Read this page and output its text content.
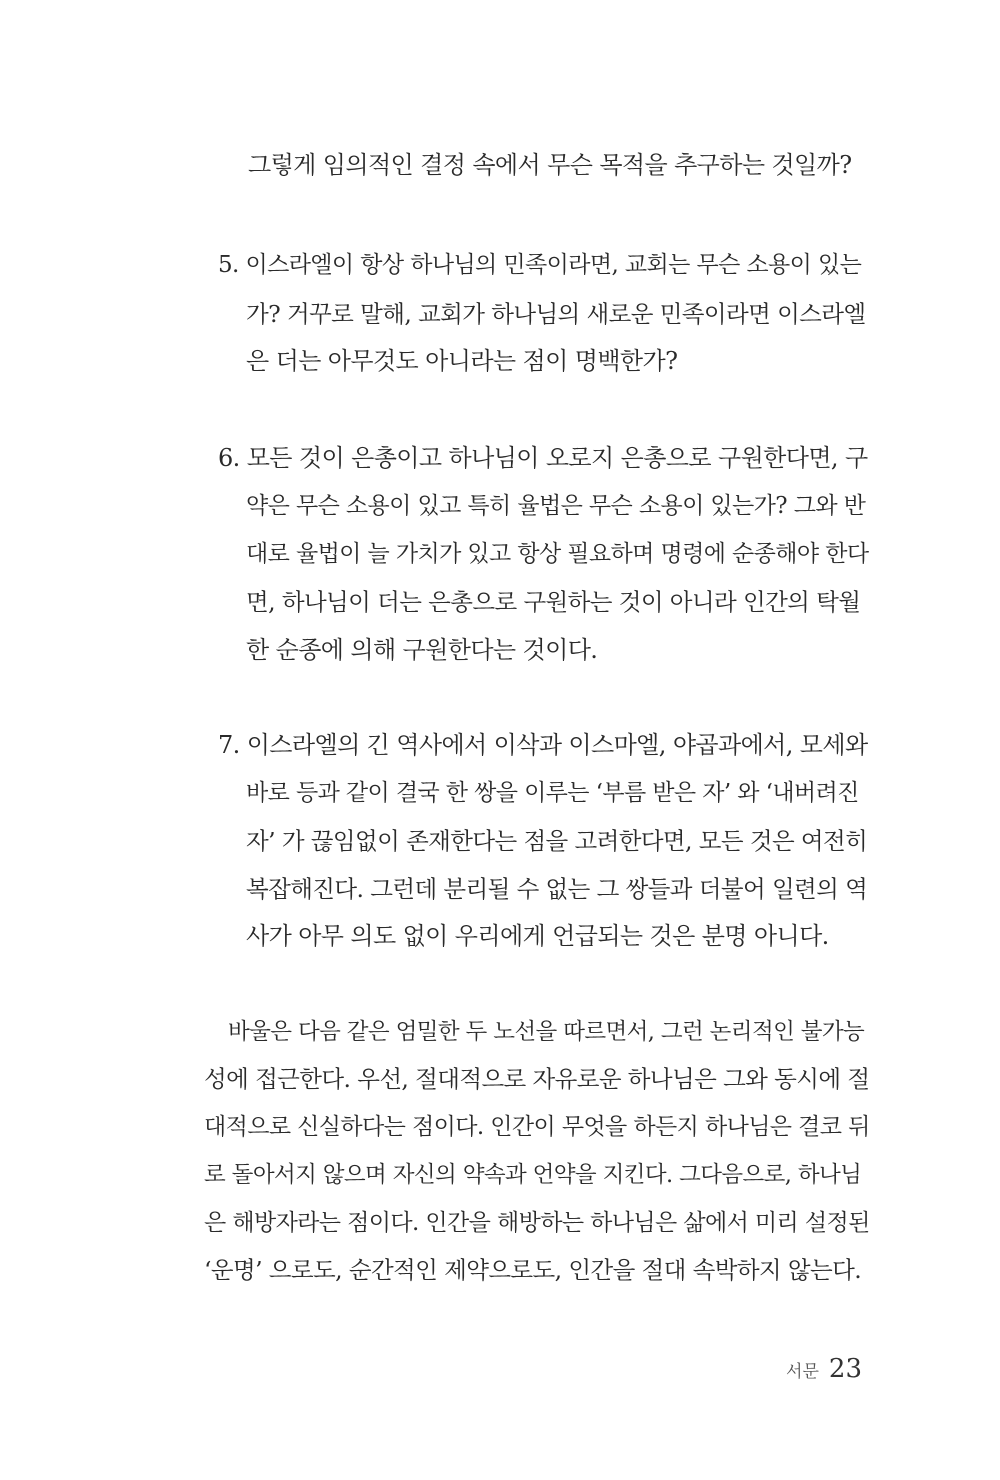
그렇게 임의적인 결정 속에서 무슨 목적을 추구하는 것일까?
5. 이스라엘이 항상 하나님의 민족이라면, 교회는 무슨 소용이 있는
가? 거꾸로 말해, 교회가 하나님의 새로운 민족이라면 이스라엘
은 더는 아무것도 아니라는 점이 명백한가?
6. 모든 것이 은총이고 하나님이 오로지 은총으로 구원한다면, 구
약은 무슨 소용이 있고 특히 율법은 무슨 소용이 있는가? 그와 반
대로 율법이 늘 가치가 있고 항상 필요하며 명령에 순종해야 한다
면, 하나님이 더는 은총으로 구원하는 것이 아니라 인간의 탁월
한 순종에 의해 구원한다는 것이다.
7. 이스라엘의 긴 역사에서 이삭과 이스마엘, 야곱과에서, 모세와
바로 등과 같이 결국 한 쌍을 이루는 ‘부름 받은 자’ 와 ‘내버려진
자’ 가 끊임없이 존재한다는 점을 고려한다면, 모든 것은 여전히
복잡해진다. 그런데 분리될 수 없는 그 쌍들과 더불어 일련의 역
사가 아무 의도 없이 우리에게 언급되는 것은 분명 아니다.
바울은 다음 같은 엄밀한 두 노선을 따르면서, 그런 논리적인 불가능
성에 접근한다. 우선, 절대적으로 자유로운 하나님은 그와 동시에 절
대적으로 신실하다는 점이다. 인간이 무엇을 하든지 하나님은 결코 뒤
로 돌아서지 않으며 자신의 약속과 언약을 지킨다. 그다음으로, 하나님
은 해방자라는 점이다. 인간을 해방하는 하나님은 삶에서 미리 설정된
‘운명’ 으로도, 순간적인 제약으로도, 인간을 절대 속박하지 않는다.
서문 23
